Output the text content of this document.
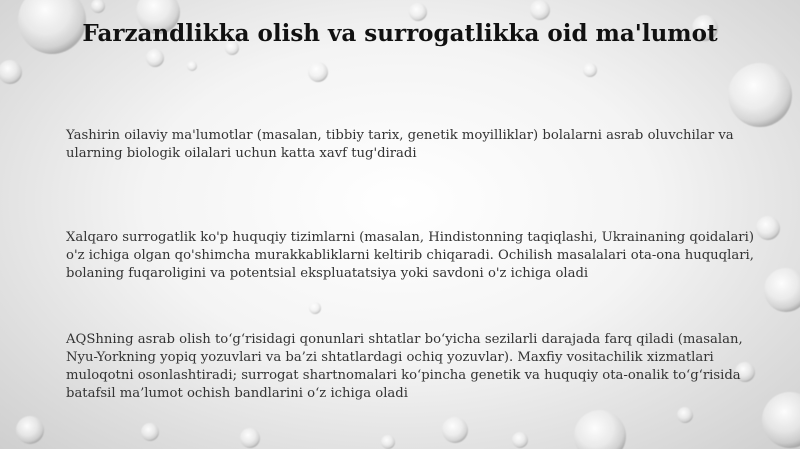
Farzandlikka olish va surrogatlikka oid ma'lumot

Yashirin oilaviy ma'lumotlar (masalan, tibbiy tarix, genetik moyilliklar) bolalarni asrab oluvchilar va ularning biologik oilalari uchun katta xavf tug'diradi

Xalqaro surrogatlik ko'p huquqiy tizimlarni (masalan, Hindistonning taqiqlashi, Ukrainaning qoidalari) o'z ichiga olgan qo'shimcha murakkabliklarni keltirib chiqaradi. Ochilish masalalari ota-ona huquqlari, bolaning fuqaroligini va potentsial ekspluatatsiya yoki savdoni o'z ichiga oladi

AQShning asrab olish to‘g‘risidagi qonunlari shtatlar bo‘yicha sezilarli darajada farq qiladi (masalan, Nyu-Yorkning yopiq yozuvlari va ba’zi shtatlardagi ochiq yozuvlar). Maxfiy vositachilik xizmatlari muloqotni osonlashtiradi; surrogat shartnomalari ko‘pincha genetik va huquqiy ota-onalik to‘g‘risida batafsil ma’lumot ochish bandlarini o‘z ichiga oladi
